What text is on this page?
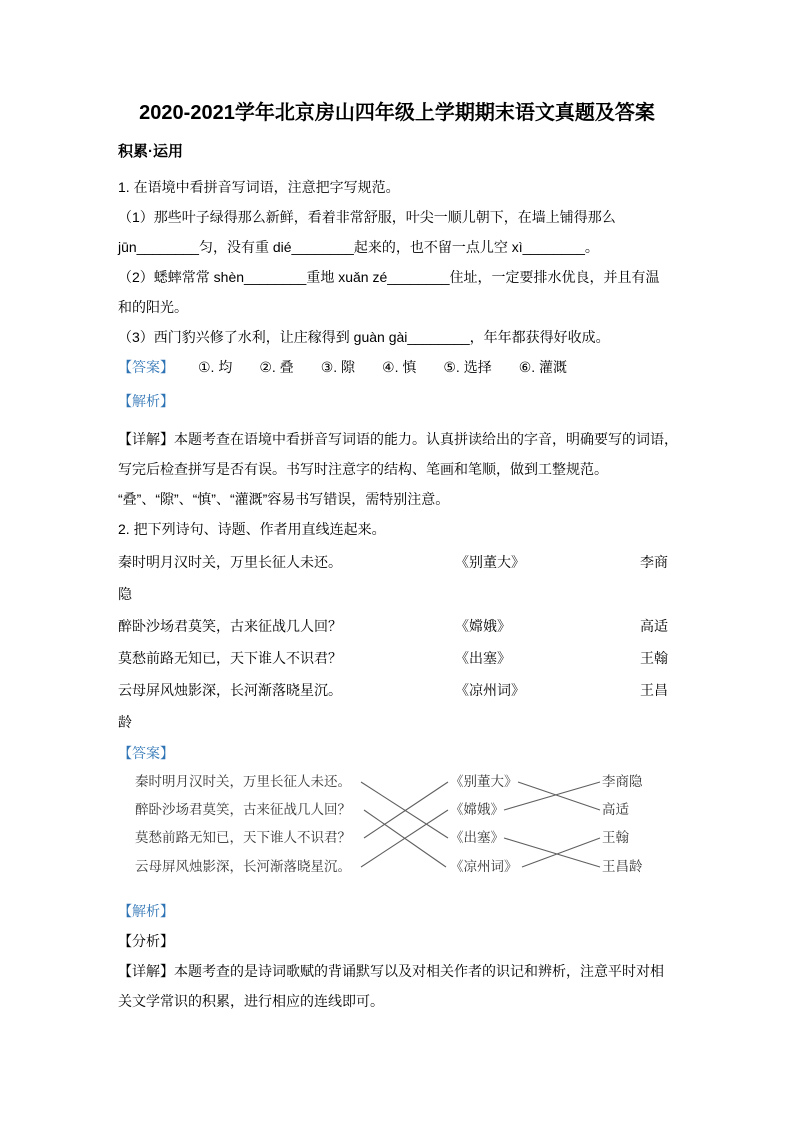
2020-2021学年北京房山四年级上学期期末语文真题及答案
积累·运用
1. 在语境中看拼音写词语，注意把字写规范。
（1）那些叶子绿得那么新鲜，看着非常舒服，叶尖一顺儿朝下，在墙上铺得那么
jūn________匀，没有重 dié________起来的，也不留一点儿空 xì________。
（2）蟋蟀常常 shèn________重地 xuǎn zé________住址，一定要排水优良，并且有温
和的阳光。
（3）西门豹兴修了水利，让庄稼得到 guàn gài________，年年都获得好收成。
【答案】 ①. 均 ②. 叠 ③. 隙 ④. 慎 ⑤. 选择 ⑥. 灌溉
【解析】
【详解】本题考查在语境中看拼音写词语的能力。认真拼读给出的字音，明确要写的词语，
写完后检查拼写是否有误。书写时注意字的结构、笔画和笔顺，做到工整规范。
“叠”、“隙”、“慎”、“灌溉”容易书写错误，需特别注意。
2. 把下列诗句、诗题、作者用直线连起来。
秦时明月汉时关，万里长征人未还。	《别董大》	李商
隐
醉卧沙场君莫笑，古来征战几人回？	《嫦娥》	高适
莫愁前路无知已，天下谁人不识君？	《出塞》	王翰
云母屏风烛影深，长河渐落晓星沉。	《凉州词》	王昌
龄
【答案】
秦时明月汉时关，万里长征人未还。
醉卧沙场君莫笑，古来征战几人回？
莫愁前路无知已，天下谁人不识君？
云母屏风烛影深，长河渐落晓星沉。
《别董大》
《嫦娥》
《出塞》
《凉州词》
李商隐
高适
王翰
王昌龄
【解析】
【分析】
【详解】本题考查的是诗词歌赋的背诵默写以及对相关作者的识记和辨析，注意平时对相
关文学常识的积累，进行相应的连线即可。
